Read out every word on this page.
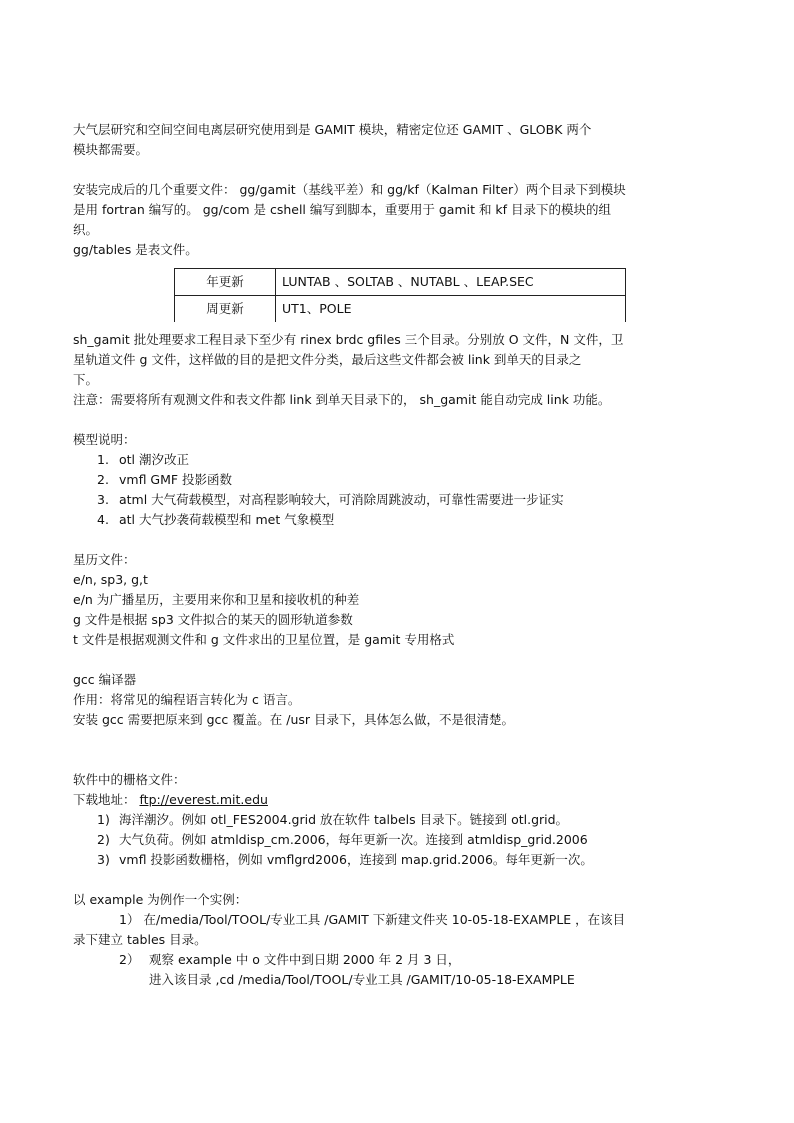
大气层研究和空间空间电离层研究使用到是 GAMIT 模块，精密定位还 GAMIT 、GLOBK 两个

模块都需要。

安装完成后的几个重要文件： gg/gamit（基线平差）和 gg/kf（Kalman Filter）两个目录下到模块

是用 fortran 编写的。 gg/com 是 cshell 编写到脚本，重要用于 gamit 和 kf 目录下的模块的组

织。

gg/tables 是表文件。

年更新	LUNTAB 、SOLTAB 、NUTABL 、LEAP.SEC
周更新	UT1、POLE

sh_gamit 批处理要求工程目录下至少有 rinex brdc gfiles 三个目录。分别放 O 文件，N 文件，卫

星轨道文件 g 文件，这样做的目的是把文件分类，最后这些文件都会被 link 到单天的目录之

下。

注意：需要将所有观测文件和表文件都 link 到单天目录下的， sh_gamit 能自动完成 link 功能。

模型说明：

1. otl 潮汐改正
2. vmfl GMF 投影函数
3. atml 大气荷载模型，对高程影响较大，可消除周跳波动，可靠性需要进一步证实
4. atl 大气抄袭荷载模型和 met 气象模型

星历文件：

e/n, sp3, g,t

e/n 为广播星历，主要用来你和卫星和接收机的种差

g 文件是根据 sp3 文件拟合的某天的圆形轨道参数

t 文件是根据观测文件和 g 文件求出的卫星位置，是 gamit 专用格式

gcc 编译器

作用：将常见的编程语言转化为 c 语言。

安装 gcc 需要把原来到 gcc 覆盖。在 /usr 目录下，具体怎么做，不是很清楚。

软件中的栅格文件：

下载地址： ftp://everest.mit.edu

1) 海洋潮汐。例如 otl_FES2004.grid 放在软件 talbels 目录下。链接到 otl.grid。

2) 大气负荷。例如 atmldisp_cm.2006，每年更新一次。连接到 atmldisp_grid.2006

3) vmfl 投影函数栅格，例如 vmflgrd2006，连接到 map.grid.2006。每年更新一次。

以 example 为例作一个实例：

1） 在/media/Tool/TOOL/专业工具 /GAMIT 下新建文件夹 10-05-18-EXAMPLE ，在该目

录下建立 tables 目录。

2） 观察 example 中 o 文件中到日期 2000 年 2 月 3 日，

进入该目录 ,cd /media/Tool/TOOL/专业工具 /GAMIT/10-05-18-EXAMPLE
